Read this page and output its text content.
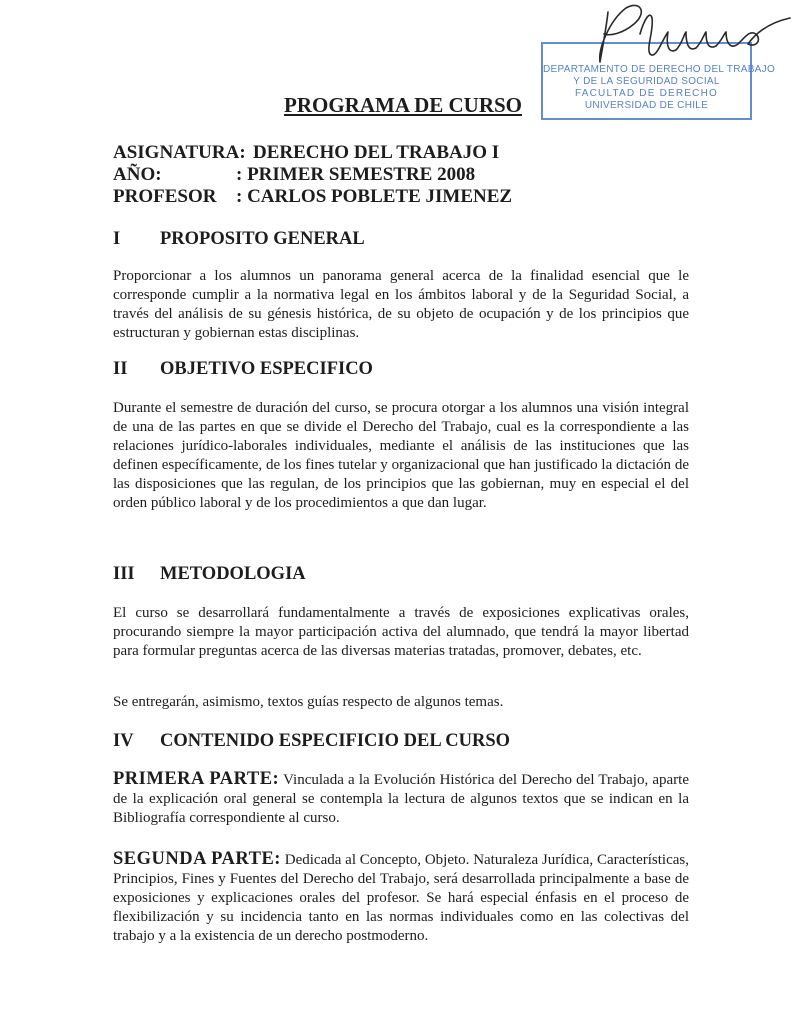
DEPARTAMENTO DE DERECHO DEL TRABAJO
Y DE LA SEGURIDAD SOCIAL
FACULTAD DE DERECHO
UNIVERSIDAD DE CHILE
PROGRAMA DE CURSO
ASIGNATURA: DERECHO DEL TRABAJO I
AÑO:	: PRIMER SEMESTRE 2008
PROFESOR : CARLOS POBLETE JIMENEZ
I PROPOSITO GENERAL

Proporcionar a los alumnos un panorama general acerca de la finalidad esencial que le corresponde cumplir a la normativa legal en los ámbitos laboral y de la Seguridad Social, a través del análisis de su génesis histórica, de su objeto de ocupación y de los principios que estructuran y gobiernan estas disciplinas.

II OBJETIVO ESPECIFICO

Durante el semestre de duración del curso, se procura otorgar a los alumnos una visión integral de una de las partes en que se divide el Derecho del Trabajo, cual es la correspondiente a las relaciones jurídico-laborales individuales, mediante el análisis de las instituciones que las definen específicamente, de los fines tutelar y organizacional que han justificado la dictación de las disposiciones que las regulan, de los principios que las gobiernan, muy en especial el del orden público laboral y de los procedimientos a que dan lugar.

III METODOLOGIA

El curso se desarrollará fundamentalmente a través de exposiciones explicativas orales, procurando siempre la mayor participación activa del alumnado, que tendrá la mayor libertad para formular preguntas acerca de las diversas materias tratadas, promover, debates, etc.

Se entregarán, asimismo, textos guías respecto de algunos temas.

IV CONTENIDO ESPECIFICIO DEL CURSO

PRIMERA PARTE: Vinculada a la Evolución Histórica del Derecho del Trabajo, aparte de la explicación oral general se contempla la lectura de algunos textos que se indican en la Bibliografía correspondiente al curso.

SEGUNDA PARTE: Dedicada al Concepto, Objeto. Naturaleza Jurídica, Características, Principios, Fines y Fuentes del Derecho del Trabajo, será desarrollada principalmente a base de exposiciones y explicaciones orales del profesor. Se hará especial énfasis en el proceso de flexibilización y su incidencia tanto en las normas individuales como en las colectivas del trabajo y a la existencia de un derecho postmoderno.
